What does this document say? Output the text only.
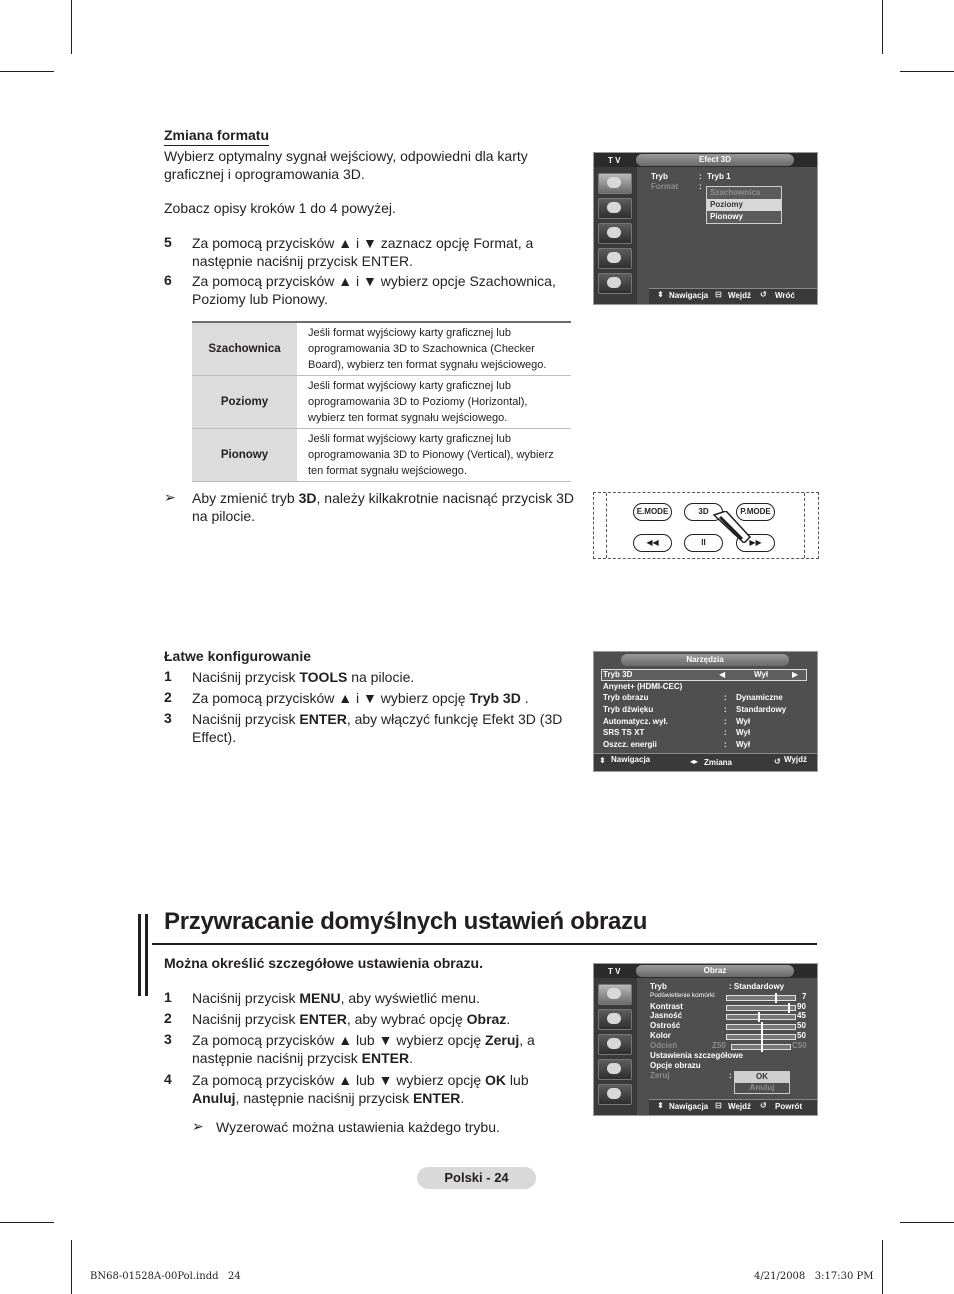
Zmiana formatu
Wybierz optymalny sygnał wejściowy, odpowiedni dla karty graficznej i oprogramowania 3D.
Zobacz opisy kroków 1 do 4 powyżej.
5 Za pomocą przycisków ▲ i ▼ zaznacz opcję Format, a następnie naciśnij przycisk ENTER.
6 Za pomocą przycisków ▲ i ▼ wybierz opcje Szachownica, Poziomy lub Pionowy.
Szachownica	Jeśli format wyjściowy karty graficznej lub oprogramowania 3D to Szachownica (Checker Board), wybierz ten format sygnału wejściowego.
Poziomy	Jeśli format wyjściowy karty graficznej lub oprogramowania 3D to Poziomy (Horizontal), wybierz ten format sygnału wejściowego.
Pionowy	Jeśli format wyjściowy karty graficznej lub oprogramowania 3D to Pionowy (Vertical), wybierz ten format sygnału wejściowego.
➢ Aby zmienić tryb 3D, należy kilkakrotnie nacisnąć przycisk 3D na pilocie.
T V	Efect 3D
Tryb	: Tryb 1
Format	:
Szachownica
Poziomy
Pionowy
⬍ Nawigacja ⊟ Wejdź ↺ Wróć
E.MODE	3D	P.MODE
◀◀	II	▶▶
Łatwe konfigurowanie
1 Naciśnij przycisk TOOLS na pilocie.
2 Za pomocą przycisków ▲ i ▼ wybierz opcję Tryb 3D .
3 Naciśnij przycisk ENTER, aby włączyć funkcję Efekt 3D (3D Effect).
Narzędzia
Tryb 3D	◀	Wył	▶
Anynet+ (HDMI-CEC)
Tryb obrazu	: Dynamiczne
Tryb dźwięku	: Standardowy
Automatycz. wył.	: Wył
SRS TS XT	: Wył
Oszcz. energii	: Wył
⬍ Nawigacja	◂▸ Zmiana	↺ Wyjdź
Przywracanie domyślnych ustawień obrazu
Można określić szczegółowe ustawienia obrazu.
1 Naciśnij przycisk MENU, aby wyświetlić menu.
2 Naciśnij przycisk ENTER, aby wybrać opcję Obraz.
3 Za pomocą przycisków ▲ lub ▼ wybierz opcję Zeruj, a następnie naciśnij przycisk ENTER.
4 Za pomocą przycisków ▲ lub ▼ wybierz opcję OK lub Anuluj, następnie naciśnij przycisk ENTER.
➢ Wyzerować można ustawienia każdego trybu.
T V	Obraz
Tryb	: Standardowy
Podświetlenie komórki	7
Kontrast	90
Jasność	45
Ostrość	50
Kolor	50
Odcień	Z50	C50
Ustawienia szczegółowe
Opcje obrazu
Zeruj	:	OK
Anuluj
⬍ Nawigacja ⊟ Wejdź ↺ Powrót
Polski - 24
BN68-01528A-00Pol.indd   24	4/21/2008   3:17:30 PM
